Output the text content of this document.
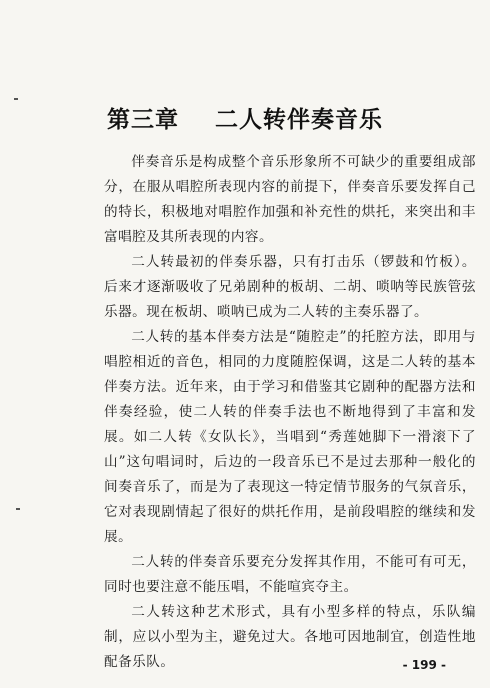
第三章    二人转伴奏音乐

伴奏音乐是构成整个音乐形象所不可缺少的重要组成部分，在服从唱腔所表现内容的前提下，伴奏音乐要发挥自己的特长，积极地对唱腔作加强和补充性的烘托，来突出和丰富唱腔及其所表现的内容。

二人转最初的伴奏乐器，只有打击乐（锣鼓和竹板）。后来才逐渐吸收了兄弟剧种的板胡、二胡、唢呐等民族管弦乐器。现在板胡、唢呐已成为二人转的主奏乐器了。

二人转的基本伴奏方法是“随腔走”的托腔方法，即用与唱腔相近的音色，相同的力度随腔保调，这是二人转的基本伴奏方法。近年来，由于学习和借鉴其它剧种的配器方法和伴奏经验，使二人转的伴奏手法也不断地得到了丰富和发展。如二人转《女队长》，当唱到“秀莲她脚下一滑滚下了山”这句唱词时，后边的一段音乐已不是过去那种一般化的间奏音乐了，而是为了表现这一特定情节服务的气氛音乐，它对表现剧情起了很好的烘托作用，是前段唱腔的继续和发展。

二人转的伴奏音乐要充分发挥其作用，不能可有可无，同时也要注意不能压唱，不能喧宾夺主。

二人转这种艺术形式，具有小型多样的特点，乐队编制，应以小型为主，避免过大。各地可因地制宜，创造性地配备乐队。	- 199 -
